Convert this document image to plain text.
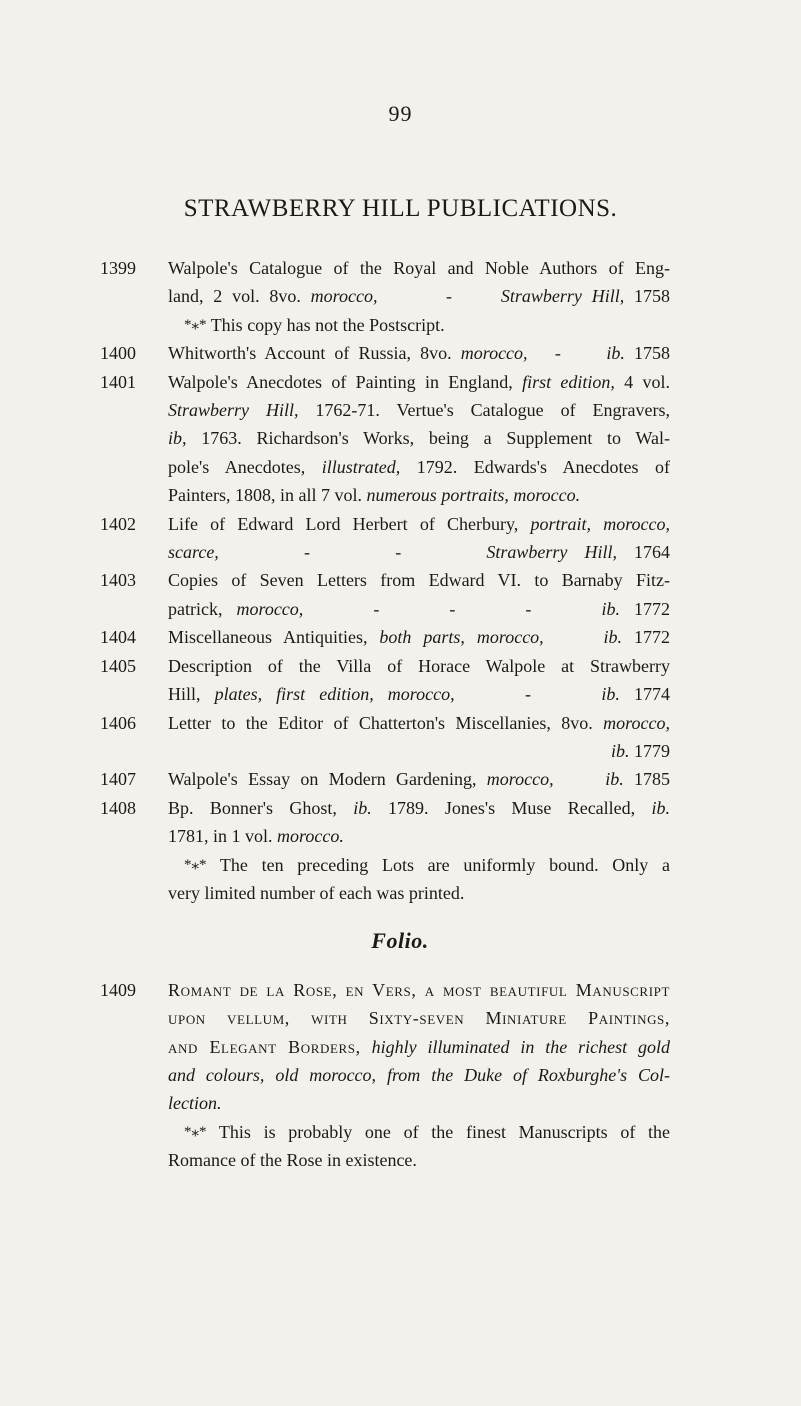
99
STRAWBERRY HILL PUBLICATIONS.
1399 Walpole's Catalogue of the Royal and Noble Authors of Eng-
land, 2 vol. 8vo. morocco,       -     Strawberry Hill, 1758
*⁎* This copy has not the Postscript.
1400 Whitworth's Account of Russia, 8vo. morocco,   -     ib. 1758
1401 Walpole's Anecdotes of Painting in England, first edition, 4 vol.
Strawberry Hill, 1762-71. Vertue's Catalogue of Engravers,
ib, 1763. Richardson's Works, being a Supplement to Wal-
pole's Anecdotes, illustrated, 1792. Edwards's Anecdotes of
Painters, 1808, in all 7 vol. numerous portraits, morocco.
1402 Life of Edward Lord Herbert of Cherbury, portrait, morocco,
scarce,     -     -     Strawberry Hill, 1764
1403 Copies of Seven Letters from Edward VI. to Barnaby Fitz-
patrick, morocco,     -     -     -     ib. 1772
1404 Miscellaneous Antiquities, both parts, morocco,	ib. 1772
1405 Description of the Villa of Horace Walpole at Strawberry
Hill, plates, first edition, morocco,     -     ib. 1774
1406 Letter to the Editor of Chatterton's Miscellanies, 8vo. morocco,
ib. 1779
1407 Walpole's Essay on Modern Gardening, morocco,	ib. 1785
1408 Bp. Bonner's Ghost, ib. 1789. Jones's Muse Recalled, ib.
1781, in 1 vol. morocco.
*⁎* The ten preceding Lots are uniformly bound. Only a
very limited number of each was printed.
Folio.
1409 Romant de la Rose, en Vers, a most beautiful Manuscript
upon vellum, with Sixty-seven Miniature Paintings,
and Elegant Borders, highly illuminated in the richest gold
and colours, old morocco, from the Duke of Roxburghe's Col-
lection.
*⁎* This is probably one of the finest Manuscripts of the
Romance of the Rose in existence.
